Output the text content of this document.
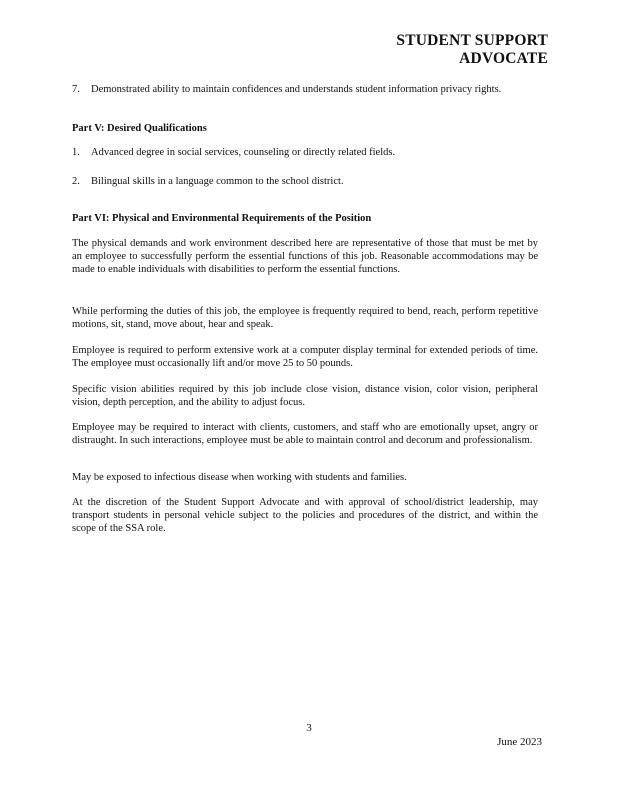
STUDENT SUPPORT
ADVOCATE
7.	Demonstrated ability to maintain confidences and understands student information privacy rights.
Part V: Desired Qualifications
1.	Advanced degree in social services, counseling or directly related fields.
2.	Bilingual skills in a language common to the school district.
Part VI: Physical and Environmental Requirements of the Position
The physical demands and work environment described here are representative of those that must be met by an employee to successfully perform the essential functions of this job. Reasonable accommodations may be made to enable individuals with disabilities to perform the essential functions.
While performing the duties of this job, the employee is frequently required to bend, reach, perform repetitive motions, sit, stand, move about, hear and speak.
Employee is required to perform extensive work at a computer display terminal for extended periods of time. The employee must occasionally lift and/or move 25 to 50 pounds.
Specific vision abilities required by this job include close vision, distance vision, color vision, peripheral vision, depth perception, and the ability to adjust focus.
Employee may be required to interact with clients, customers, and staff who are emotionally upset, angry or distraught. In such interactions, employee must be able to maintain control and decorum and professionalism.
May be exposed to infectious disease when working with students and families.
At the discretion of the Student Support Advocate and with approval of school/district leadership, may transport students in personal vehicle subject to the policies and procedures of the district, and within the scope of the SSA role.
3
June 2023
